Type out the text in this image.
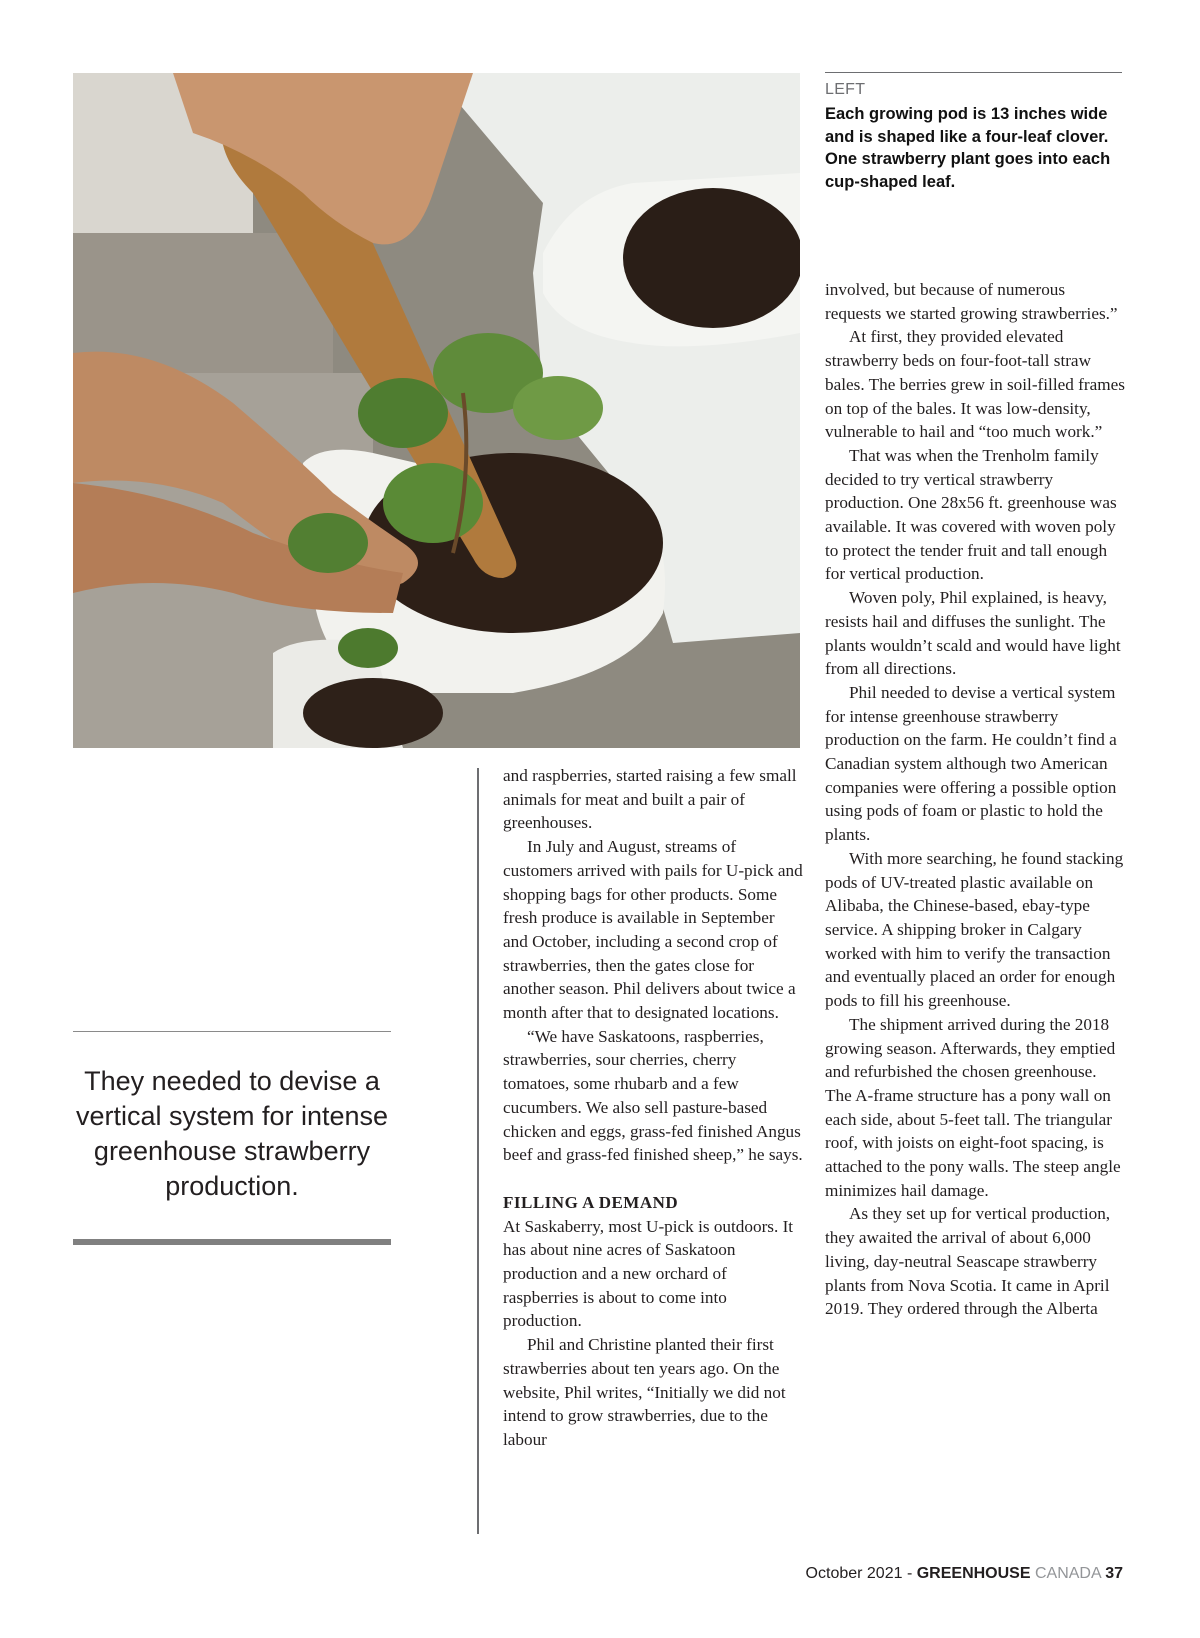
LEFT
Each growing pod is 13 inches wide and is shaped like a four-leaf clover. One strawberry plant goes into each cup-shaped leaf.
They needed to devise a vertical system for intense greenhouse strawberry production.

and raspberries, started raising a few small animals for meat and built a pair of greenhouses.

In July and August, streams of customers arrived with pails for U-pick and shopping bags for other products. Some fresh produce is available in September and October, including a second crop of strawberries, then the gates close for another season. Phil delivers about twice a month after that to designated locations.

“We have Saskatoons, raspberries, strawberries, sour cherries, cherry tomatoes, some rhubarb and a few cucumbers. We also sell pasture-based chicken and eggs, grass-fed finished Angus beef and grass-fed finished sheep,” he says.

FILLING A DEMAND

At Saskaberry, most U-pick is outdoors. It has about nine acres of Saskatoon production and a new orchard of raspberries is about to come into production.

Phil and Christine planted their first strawberries about ten years ago. On the website, Phil writes, “Initially we did not intend to grow strawberries, due to the labour

involved, but because of numerous requests we started growing strawberries.”

At first, they provided elevated strawberry beds on four-foot-tall straw bales. The berries grew in soil-filled frames on top of the bales. It was low-density, vulnerable to hail and “too much work.”

That was when the Trenholm family decided to try vertical strawberry production. One 28x56 ft. greenhouse was available. It was covered with woven poly to protect the tender fruit and tall enough for vertical production.

Woven poly, Phil explained, is heavy, resists hail and diffuses the sunlight. The plants wouldn’t scald and would have light from all directions.

Phil needed to devise a vertical system for intense greenhouse strawberry production on the farm. He couldn’t find a Canadian system although two American companies were offering a possible option using pods of foam or plastic to hold the plants.

With more searching, he found stacking pods of UV-treated plastic available on Alibaba, the Chinese-based, ebay-type service. A shipping broker in Calgary worked with him to verify the transaction and eventually placed an order for enough pods to fill his greenhouse.

The shipment arrived during the 2018 growing season. Afterwards, they emptied and refurbished the chosen greenhouse. The A-frame structure has a pony wall on each side, about 5-feet tall. The triangular roof, with joists on eight-foot spacing, is attached to the pony walls. The steep angle minimizes hail damage.

As they set up for vertical production, they awaited the arrival of about 6,000 living, day-neutral Seascape strawberry plants from Nova Scotia. It came in April 2019. They ordered through the Alberta

October 2021 - GREENHOUSE CANADA 37
